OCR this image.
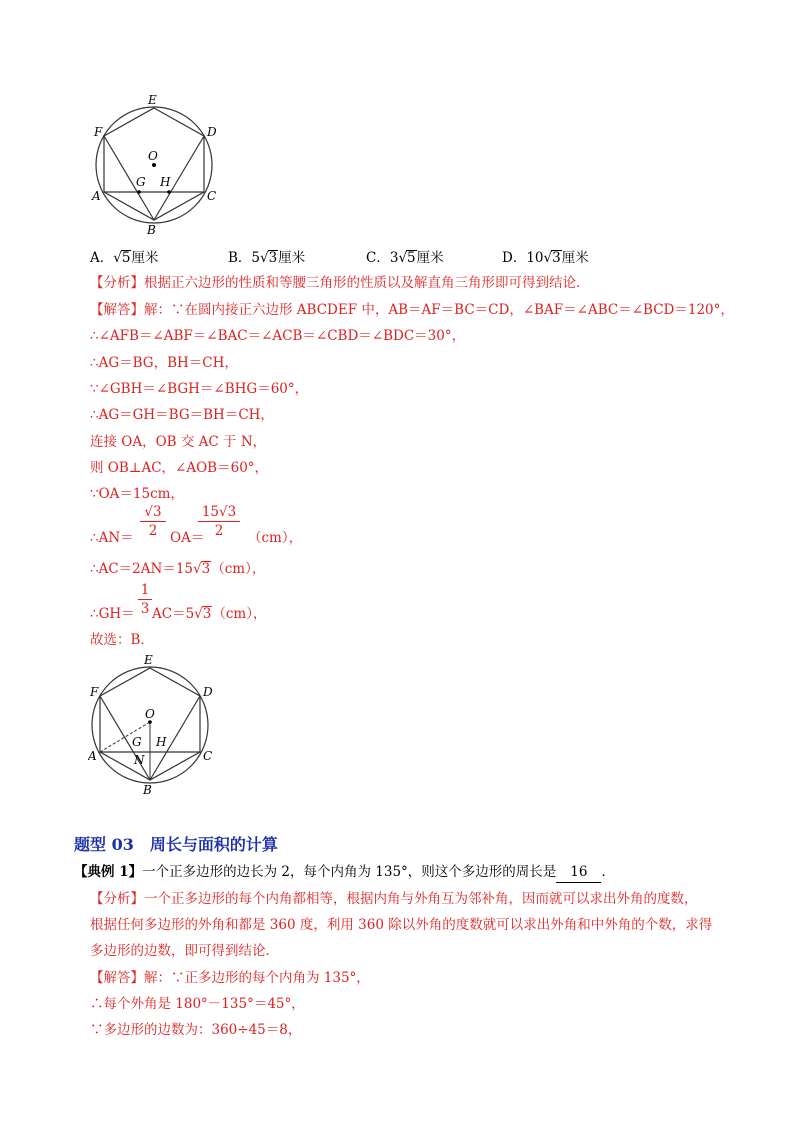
E
F	D
O
G H
A	C
B
A．√5厘米	B．5√3厘米	C．3√5厘米	D．10√3厘米
【分析】根据正六边形的性质和等腰三角形的性质以及解直角三角形即可得到结论．
【解答】解：∵在圆内接正六边形 ABCDEF 中，AB＝AF＝BC＝CD，∠BAF＝∠ABC＝∠BCD＝120°，
∴∠AFB＝∠ABF＝∠BAC＝∠ACB＝∠CBD＝∠BDC＝30°，
∴AG＝BG，BH＝CH，
∵∠GBH＝∠BGH＝∠BHG＝60°，
∴AG＝GH＝BG＝BH＝CH，
连接 OA，OB 交 AC 于 N，
则 OB⊥AC，∠AOB＝60°，
∵OA＝15cm，
∴AN＝
√3
2 OA＝
15√3
2	（cm），
∴AC＝2AN＝15√3（cm），
∴GH＝
1
3 AC＝5√3（cm），
故选：B．
E
F	D
O
G H
N
A	C
B
题型 03　周长与面积的计算
【典例 1】一个正多边形的边长为 2，每个内角为 135°，则这个多边形的周长是 16 ．
【分析】一个正多边形的每个内角都相等，根据内角与外角互为邻补角，因而就可以求出外角的度数，
根据任何多边形的外角和都是 360 度，利用 360 除以外角的度数就可以求出外角和中外角的个数，求得
多边形的边数，即可得到结论．
【解答】解：∵正多边形的每个内角为 135°，
∴每个外角是 180°－135°＝45°，
∵多边形的边数为：360÷45＝8，
